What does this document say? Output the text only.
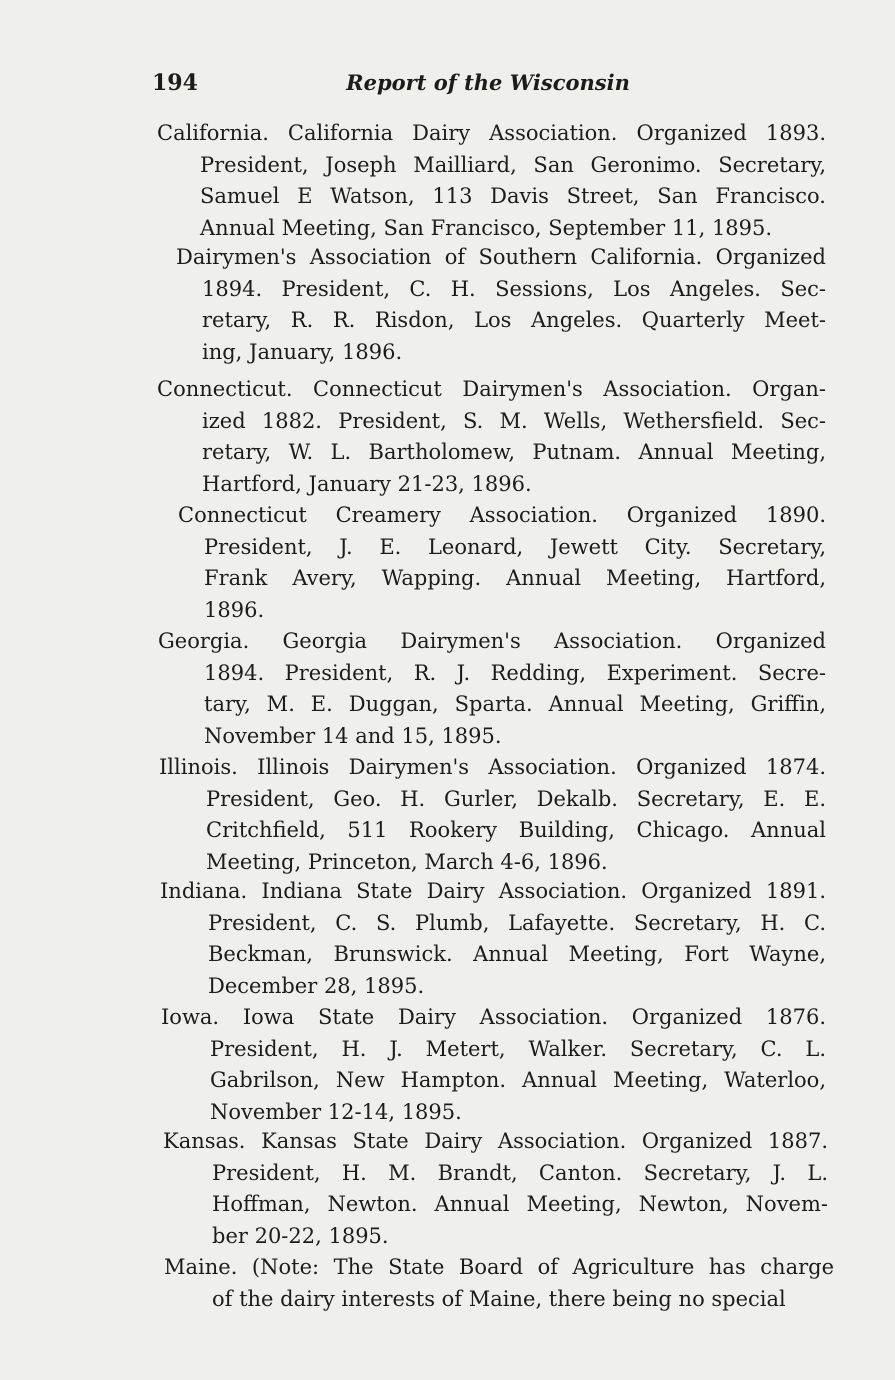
194	Report of the Wisconsin
California. California Dairy Association. Organized 1893.
President, Joseph Mailliard, San Geronimo. Secretary,
Samuel E Watson, 113 Davis Street, San Francisco.
Annual Meeting, San Francisco, September 11, 1895.
Dairymen's Association of Southern California. Organized
1894. President, C. H. Sessions, Los Angeles. Sec-
retary, R. R. Risdon, Los Angeles. Quarterly Meet-
ing, January, 1896.
Connecticut. Connecticut Dairymen's Association. Organ-
ized 1882. President, S. M. Wells, Wethersfield. Sec-
retary, W. L. Bartholomew, Putnam. Annual Meeting,
Hartford, January 21-23, 1896.
Connecticut Creamery Association. Organized 1890.
President, J. E. Leonard, Jewett City. Secretary,
Frank Avery, Wapping. Annual Meeting, Hartford,
1896.
Georgia. Georgia Dairymen's Association. Organized
1894. President, R. J. Redding, Experiment. Secre-
tary, M. E. Duggan, Sparta. Annual Meeting, Griffin,
November 14 and 15, 1895.
Illinois. Illinois Dairymen's Association. Organized 1874.
President, Geo. H. Gurler, Dekalb. Secretary, E. E.
Critchfield, 511 Rookery Building, Chicago. Annual
Meeting, Princeton, March 4-6, 1896.
Indiana. Indiana State Dairy Association. Organized 1891.
President, C. S. Plumb, Lafayette. Secretary, H. C.
Beckman, Brunswick. Annual Meeting, Fort Wayne,
December 28, 1895.
Iowa. Iowa State Dairy Association. Organized 1876.
President, H. J. Metert, Walker. Secretary, C. L.
Gabrilson, New Hampton. Annual Meeting, Waterloo,
November 12-14, 1895.
Kansas. Kansas State Dairy Association. Organized 1887.
President, H. M. Brandt, Canton. Secretary, J. L.
Hoffman, Newton. Annual Meeting, Newton, Novem-
ber 20-22, 1895.
Maine. (Note: The State Board of Agriculture has charge
of the dairy interests of Maine, there being no special
